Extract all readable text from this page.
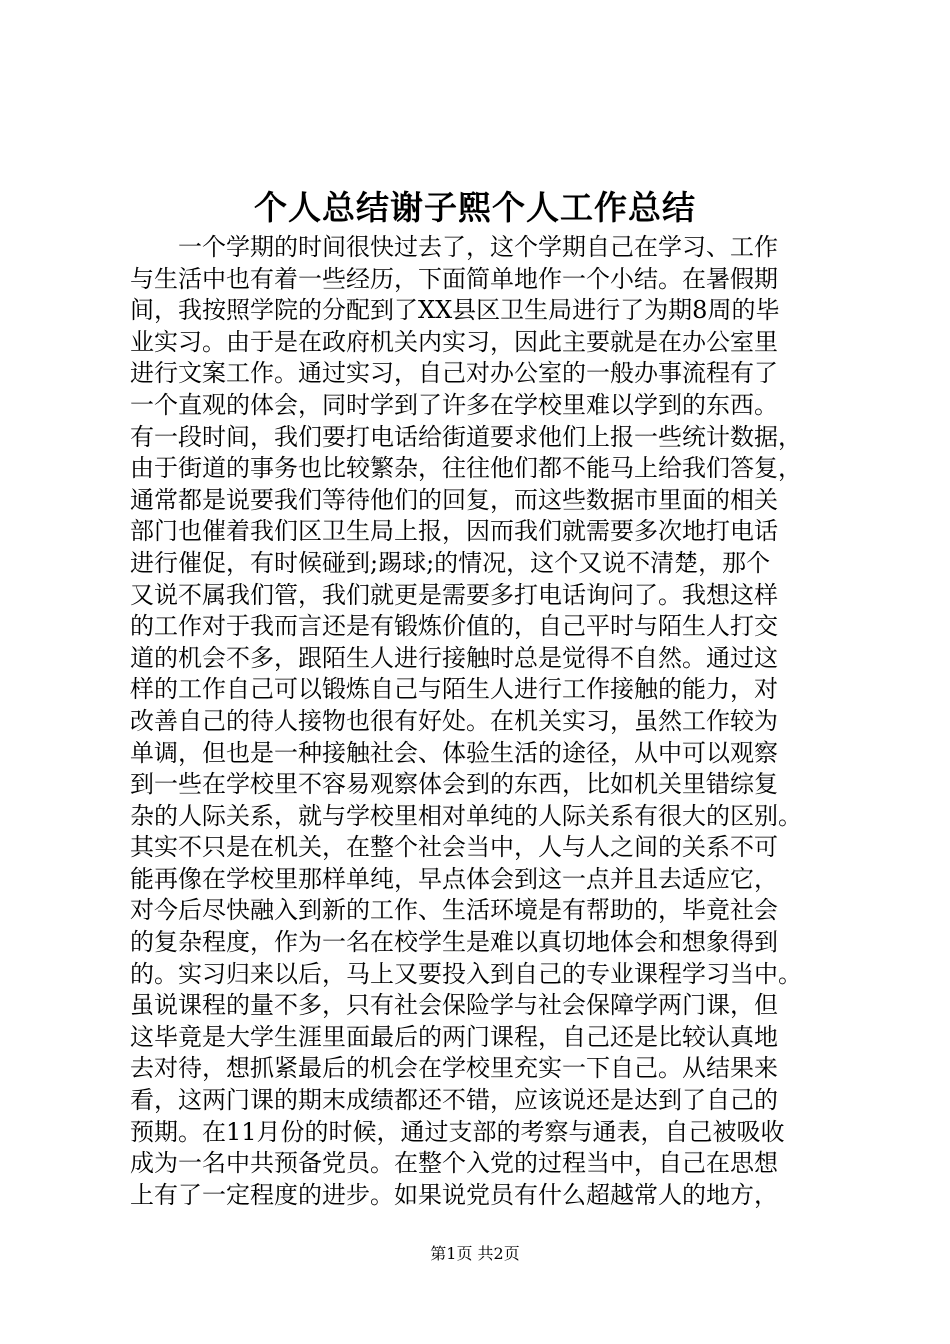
个人总结谢子熙个人工作总结
　　一个学期的时间很快过去了，这个学期自己在学习、工作
与生活中也有着一些经历，下面简单地作一个小结。在暑假期
间，我按照学院的分配到了XX县区卫生局进行了为期8周的毕
业实习。由于是在政府机关内实习，因此主要就是在办公室里
进行文案工作。通过实习，自己对办公室的一般办事流程有了
一个直观的体会，同时学到了许多在学校里难以学到的东西。
有一段时间，我们要打电话给街道要求他们上报一些统计数据，
由于街道的事务也比较繁杂，往往他们都不能马上给我们答复，
通常都是说要我们等待他们的回复，而这些数据市里面的相关
部门也催着我们区卫生局上报，因而我们就需要多次地打电话
进行催促，有时候碰到;踢球;的情况，这个又说不清楚，那个
又说不属我们管，我们就更是需要多打电话询问了。我想这样
的工作对于我而言还是有锻炼价值的，自己平时与陌生人打交
道的机会不多，跟陌生人进行接触时总是觉得不自然。通过这
样的工作自己可以锻炼自己与陌生人进行工作接触的能力，对
改善自己的待人接物也很有好处。在机关实习，虽然工作较为
单调，但也是一种接触社会、体验生活的途径，从中可以观察
到一些在学校里不容易观察体会到的东西，比如机关里错综复
杂的人际关系，就与学校里相对单纯的人际关系有很大的区别。
其实不只是在机关，在整个社会当中，人与人之间的关系不可
能再像在学校里那样单纯，早点体会到这一点并且去适应它，
对今后尽快融入到新的工作、生活环境是有帮助的，毕竟社会
的复杂程度，作为一名在校学生是难以真切地体会和想象得到
的。实习归来以后，马上又要投入到自己的专业课程学习当中。
虽说课程的量不多，只有社会保险学与社会保障学两门课，但
这毕竟是大学生涯里面最后的两门课程，自己还是比较认真地
去对待，想抓紧最后的机会在学校里充实一下自己。从结果来
看，这两门课的期末成绩都还不错，应该说还是达到了自己的
预期。在11月份的时候，通过支部的考察与通表，自己被吸收
成为一名中共预备党员。在整个入党的过程当中，自己在思想
上有了一定程度的进步。如果说党员有什么超越常人的地方，
第1页 共2页
